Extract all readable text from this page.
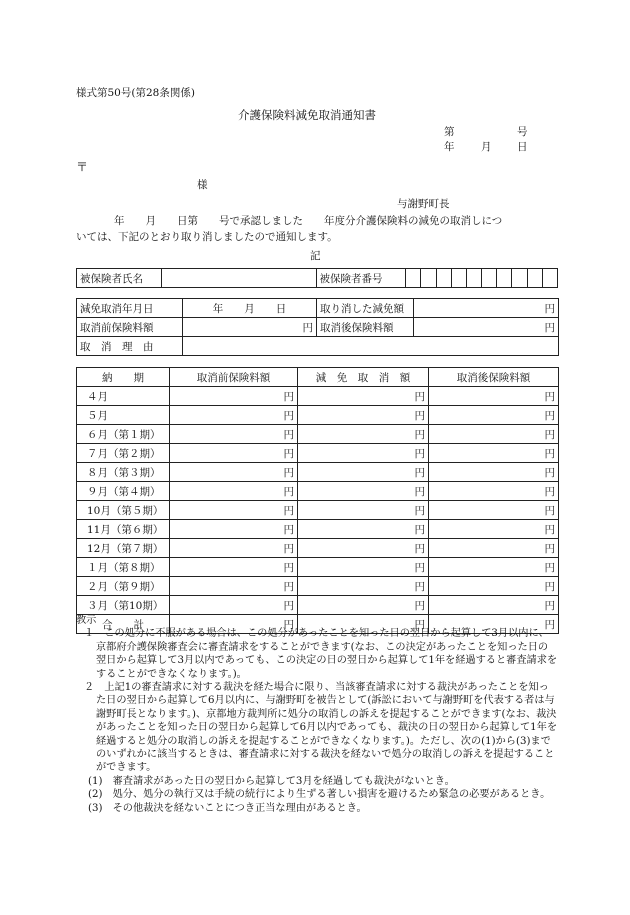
様式第50号(第28条関係)
介護保険料減免取消通知書
第	号
年	月 日
〒
様
与謝野町長
年　　月　　日第　　号で承認しました　　年度分介護保険料の減免の取消しにつ
いては、下記のとおり取り消しましたので通知します。
記
被保険者氏名		被保険者番号										
減免取消年月日	年　　月　　日	取り消した減免額	円
取消前保険料額	円	取消後保険料額	円
取　消　理　由			
納　　期	取消前保険料額	減　免　取　消　額	取消後保険料額
４月	円	円	円
５月	円	円	円
６月（第１期）	円	円	円
７月（第２期）	円	円	円
８月（第３期）	円	円	円
９月（第４期）	円	円	円
10月（第５期）	円	円	円
11月（第６期）	円	円	円
12月（第７期）	円	円	円
１月（第８期）	円	円	円
２月（第９期）	円	円	円
３月（第10期）	円	円	円
合　　計	円	円	円

教示

１　この処分に不服がある場合は、この処分があったことを知った日の翌日から起算して3月以内に、京都府介護保険審査会に審査請求をすることができます(なお、この決定があったことを知った日の翌日から起算して3月以内であっても、この決定の日の翌日から起算して1年を経過すると審査請求をすることができなくなります。)。

２　上記1の審査請求に対する裁決を経た場合に限り、当該審査請求に対する裁決があったことを知った日の翌日から起算して6月以内に、与謝野町を被告として(訴訟において与謝野町を代表する者は与謝野町長となります。)、京都地方裁判所に処分の取消しの訴えを提起することができます(なお、裁決があったことを知った日の翌日から起算して6月以内であっても、裁決の日の翌日から起算して1年を経過すると処分の取消しの訴えを提起することができなくなります。)。ただし、次の(1)から(3)までのいずれかに該当するときは、審査請求に対する裁決を経ないで処分の取消しの訴えを提起することができます。

(1)　審査請求があった日の翌日から起算して3月を経過しても裁決がないとき。

(2)　処分、処分の執行又は手続の続行により生ずる著しい損害を避けるため緊急の必要があるとき。

(3)　その他裁決を経ないことにつき正当な理由があるとき。
